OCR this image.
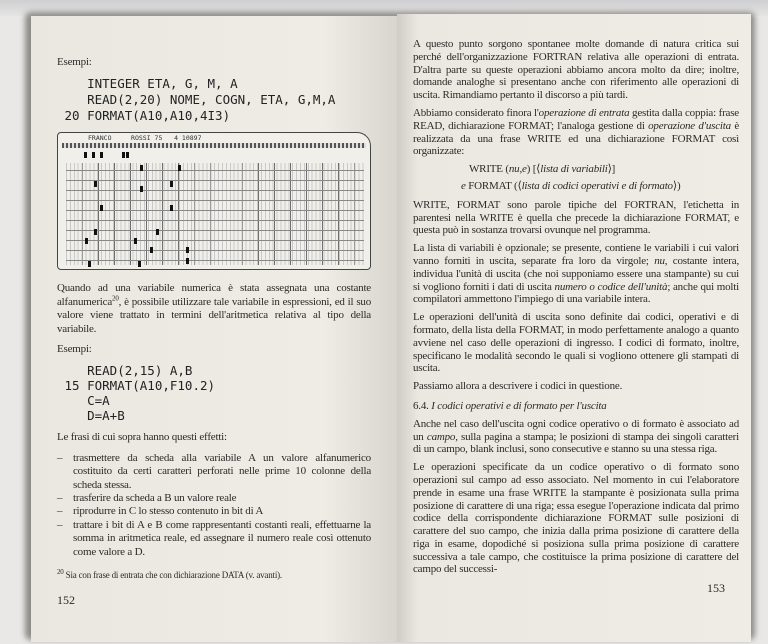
Esempi:
INTEGER ETA, G, M, A
READ(2,20) NOME, COGN, ETA, G,M,A
20 FORMAT(A10,A10,4I3)
FRANCO     ROSSI 75   4 10897
Quando ad una variabile numerica è stata assegnata una costante alfanumerica$^{20}$, è possibile utilizzare tale variabile in espressioni, ed il suo valore viene trattato in termini dell'aritmetica relativa al tipo della variabile.
Esempi:
READ(2,15) A,B
15 FORMAT(A10,F10.2)
C=A
D=A+B
Le frasi di cui sopra hanno questi effetti:
– trasmettere da scheda alla variabile A un valore alfanumerico costituito da certi caratteri perforati nelle prime 10 colonne della scheda stessa.
– trasferire da scheda a B un valore reale
– riprodurre in C lo stesso contenuto in bit di A
– trattare i bit di A e B come rappresentanti costanti reali, effettuarne la somma in aritmetica reale, ed assegnare il numero reale così ottenuto come valore a D.
$^{20}$ Sia con frase di entrata che con dichiarazione DATA (v. avanti).
152
A questo punto sorgono spontanee molte domande di natura critica sui perché dell'organizzazione FORTRAN relativa alle operazioni di entrata. D'altra parte su queste operazioni abbiamo ancora molto da dire; inoltre, domande analoghe si presentano anche con riferimento alle operazioni di uscita. Rimandiamo pertanto il discorso a più tardi.
Abbiamo considerato finora l'operazione di entrata gestita dalla coppia: frase READ, dichiarazione FORMAT; l'analoga gestione di operazione d'uscita è realizzata da una frase WRITE ed una dichiarazione FORMAT così organizzate:
WRITE (nu,e) [⟨lista di variabili⟩]
e FORMAT (⟨lista di codici operativi e di formato⟩)
WRITE, FORMAT sono parole tipiche del FORTRAN, l'etichetta in parentesi nella WRITE è quella che precede la dichiarazione FORMAT, e questa può in sostanza trovarsi ovunque nel programma.
La lista di variabili è opzionale; se presente, contiene le variabili i cui valori vanno forniti in uscita, separate fra loro da virgole; nu, costante intera, individua l'unità di uscita (che noi supponiamo essere una stampante) su cui si vogliono forniti i dati di uscita numero o codice dell'unità; anche qui molti compilatori ammettono l'impiego di una variabile intera.
Le operazioni dell'unità di uscita sono definite dai codici, operativi e di formato, della lista della FORMAT, in modo perfettamente analogo a quanto avviene nel caso delle operazioni di ingresso. I codici di formato, inoltre, specificano le modalità secondo le quali si vogliono ottenere gli stampati di uscita.
Passiamo allora a descrivere i codici in questione.
6.4. I codici operativi e di formato per l'uscita
Anche nel caso dell'uscita ogni codice operativo o di formato è associato ad un campo, sulla pagina a stampa; le posizioni di stampa dei singoli caratteri di un campo, blank inclusi, sono consecutive e stanno su una stessa riga.
Le operazioni specificate da un codice operativo o di formato sono operazioni sul campo ad esso associato. Nel momento in cui l'elaboratore prende in esame una frase WRITE la stampante è posizionata sulla prima posizione di carattere di una riga; essa esegue l'operazione indicata dal primo codice della corrispondente dichiarazione FORMAT sulle posizioni di carattere del suo campo, che inizia dalla prima posizione di carattere della riga in esame, dopodiché si posiziona sulla prima posizione di carattere successiva a tale campo, che costituisce la prima posizione di carattere del campo del successi-
153
